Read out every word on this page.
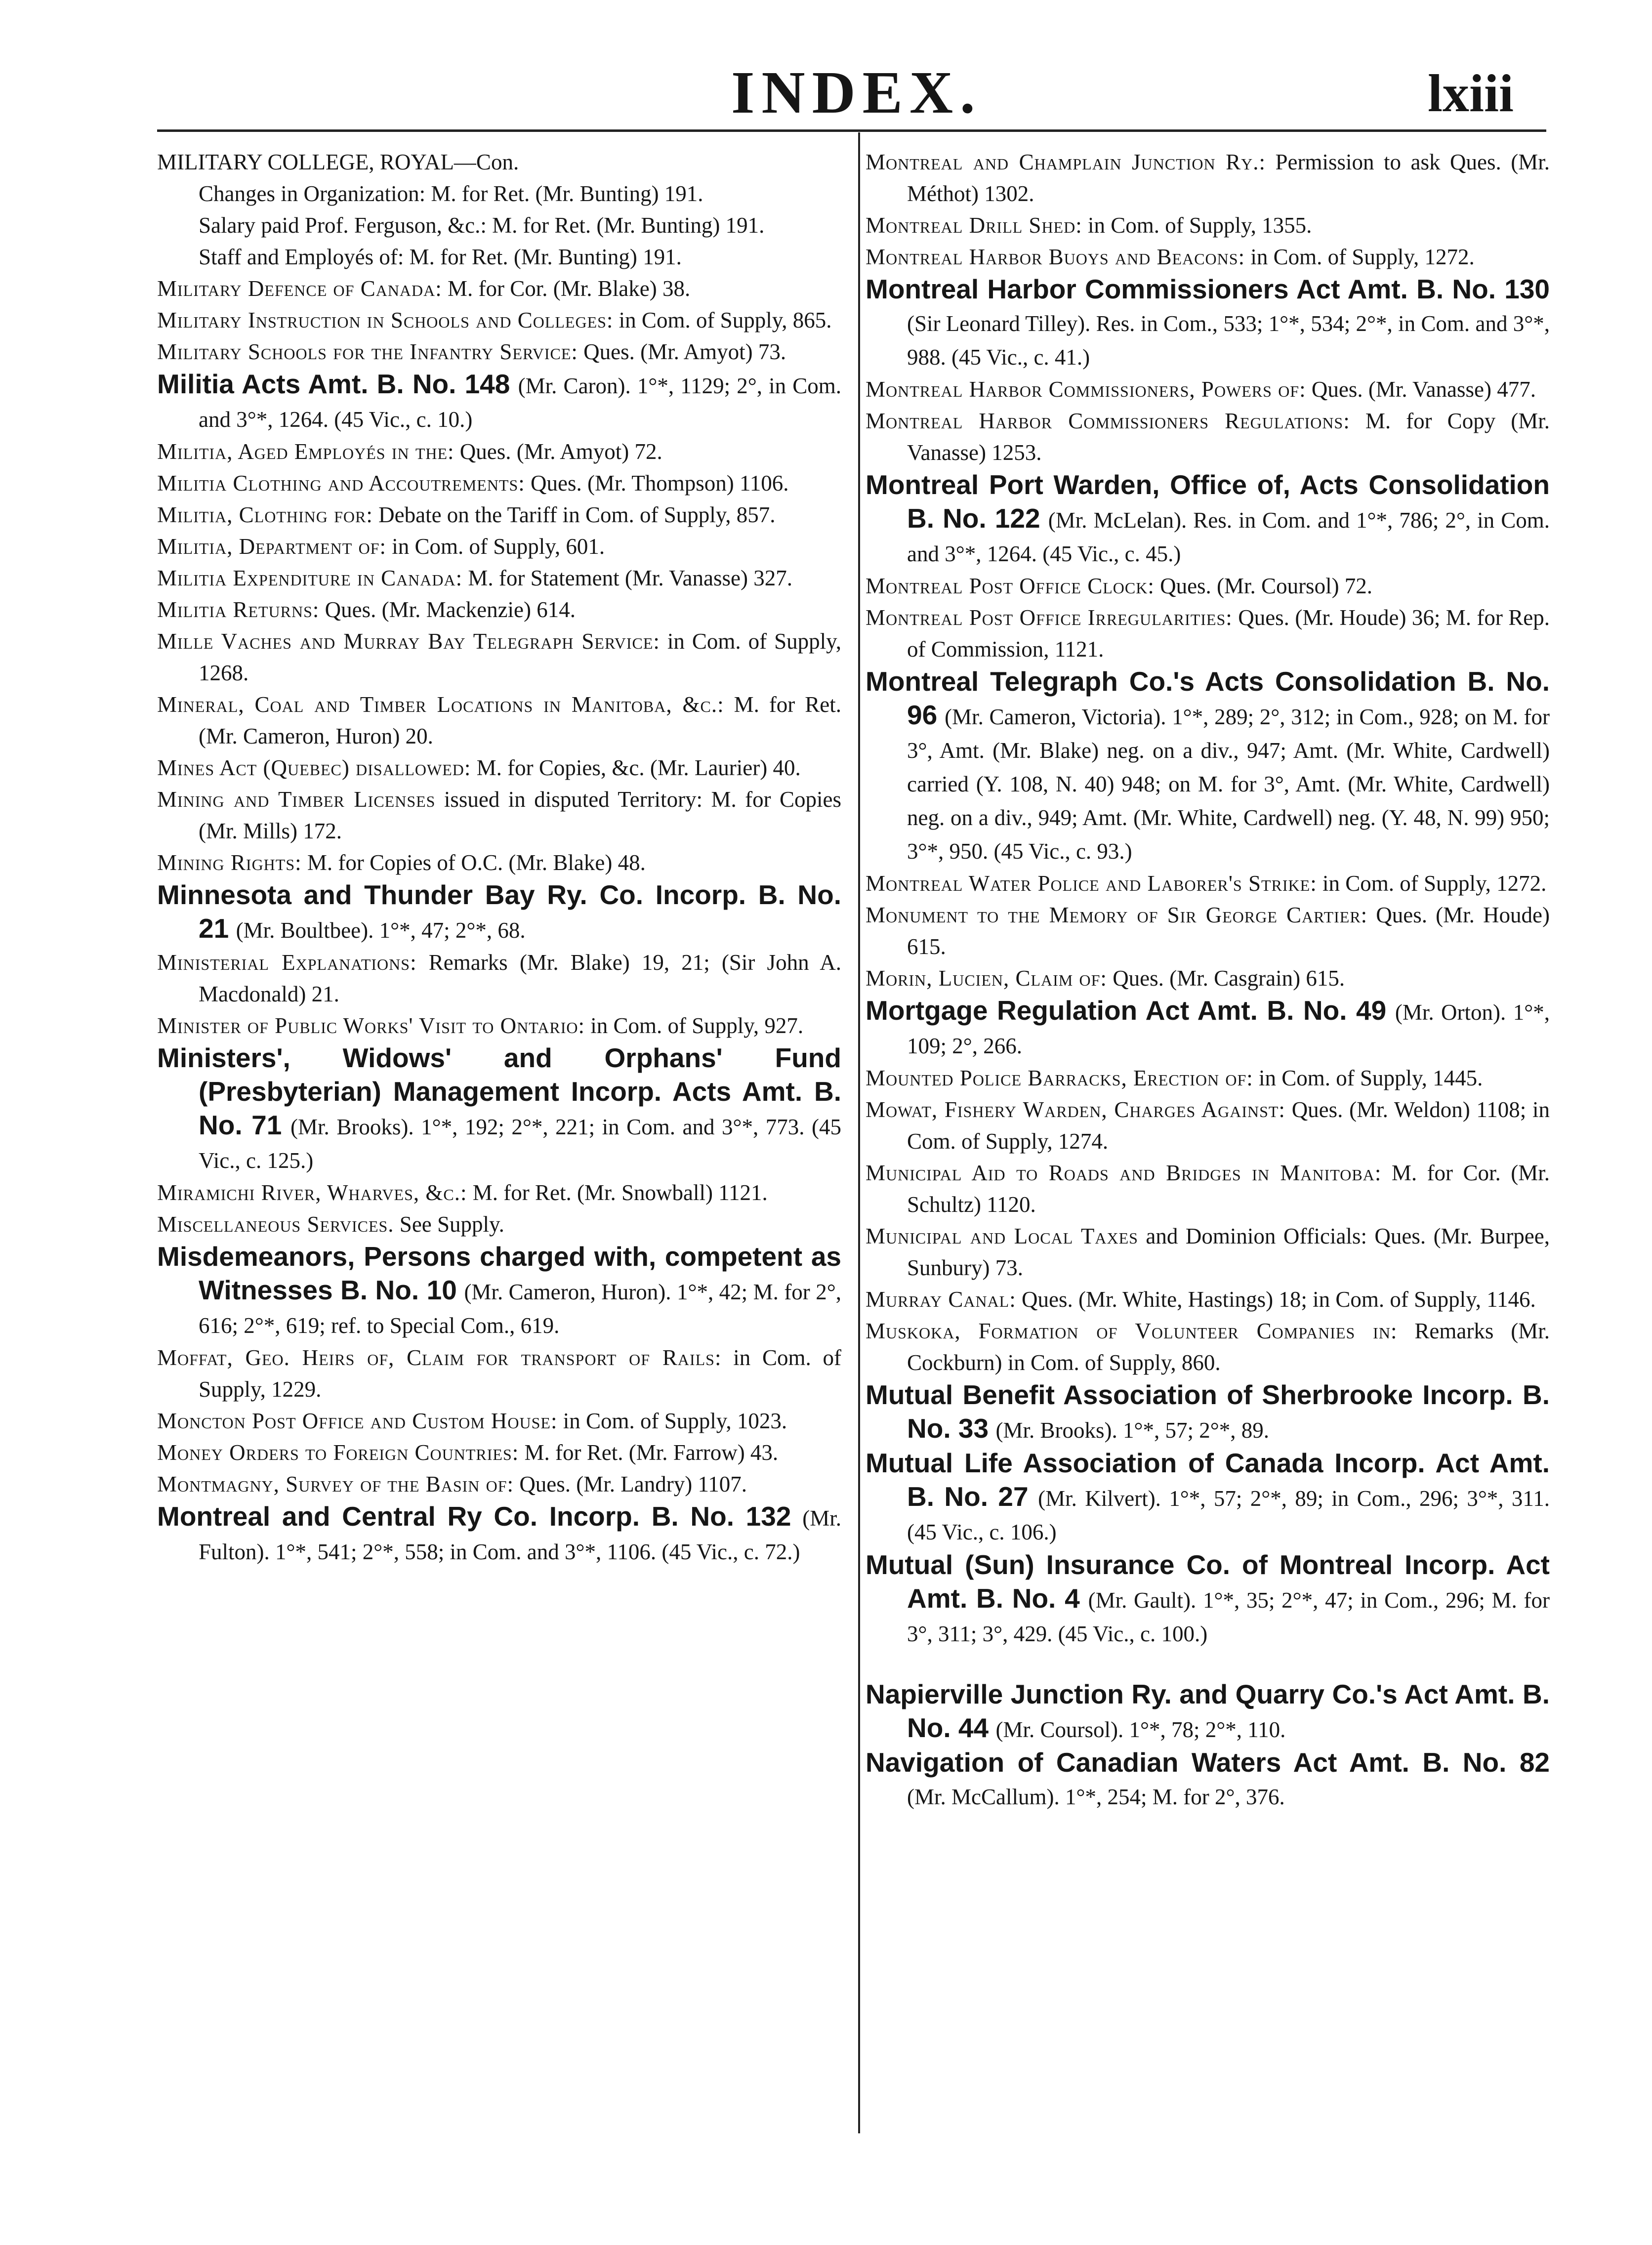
INDEX.	lxiii

MILITARY COLLEGE, ROYAL—Con.

Changes in Organization: M. for Ret. (Mr. Bunting) 191.

Salary paid Prof. Ferguson, &c.: M. for Ret. (Mr. Bunting) 191.

Staff and Employés of: M. for Ret. (Mr. Bunting) 191.

Military Defence of Canada: M. for Cor. (Mr. Blake) 38.

Military Instruction in Schools and Colleges: in Com. of Supply, 865.

Military Schools for the Infantry Service: Ques. (Mr. Amyot) 73.

Militia Acts Amt. B. No. 148 (Mr. Caron). 1°*, 1129; 2°, in Com. and 3°*, 1264. (45 Vic., c. 10.)

Militia, Aged Employés in the: Ques. (Mr. Amyot) 72.

Militia Clothing and Accoutrements: Ques. (Mr. Thompson) 1106.

Militia, Clothing for: Debate on the Tariff in Com. of Supply, 857.

Militia, Department of: in Com. of Supply, 601.

Militia Expenditure in Canada: M. for Statement (Mr. Vanasse) 327.

Militia Returns: Ques. (Mr. Mackenzie) 614.

Mille Vaches and Murray Bay Telegraph Service: in Com. of Supply, 1268.

Mineral, Coal and Timber Locations in Manitoba, &c.: M. for Ret. (Mr. Cameron, Huron) 20.

Mines Act (Quebec) disallowed: M. for Copies, &c. (Mr. Laurier) 40.

Mining and Timber Licenses issued in disputed Territory: M. for Copies (Mr. Mills) 172.

Mining Rights: M. for Copies of O.C. (Mr. Blake) 48.

Minnesota and Thunder Bay Ry. Co. Incorp. B. No. 21 (Mr. Boultbee). 1°*, 47; 2°*, 68.

Ministerial Explanations: Remarks (Mr. Blake) 19, 21; (Sir John A. Macdonald) 21.

Minister of Public Works' Visit to Ontario: in Com. of Supply, 927.

Ministers', Widows' and Orphans' Fund (Presbyterian) Management Incorp. Acts Amt. B. No. 71 (Mr. Brooks). 1°*, 192; 2°*, 221; in Com. and 3°*, 773. (45 Vic., c. 125.)

Miramichi River, Wharves, &c.: M. for Ret. (Mr. Snowball) 1121.

Miscellaneous Services. See Supply.

Misdemeanors, Persons charged with, competent as Witnesses B. No. 10 (Mr. Cameron, Huron). 1°*, 42; M. for 2°, 616; 2°*, 619; ref. to Special Com., 619.

Moffat, Geo. Heirs of, Claim for transport of Rails: in Com. of Supply, 1229.

Moncton Post Office and Custom House: in Com. of Supply, 1023.

Money Orders to Foreign Countries: M. for Ret. (Mr. Farrow) 43.

Montmagny, Survey of the Basin of: Ques. (Mr. Landry) 1107.

Montreal and Central Ry Co. Incorp. B. No. 132 (Mr. Fulton). 1°*, 541; 2°*, 558; in Com. and 3°*, 1106. (45 Vic., c. 72.)

Montreal and Champlain Junction Ry.: Permission to ask Ques. (Mr. Méthot) 1302.

Montreal Drill Shed: in Com. of Supply, 1355.

Montreal Harbor Buoys and Beacons: in Com. of Supply, 1272.

Montreal Harbor Commissioners Act Amt. B. No. 130 (Sir Leonard Tilley). Res. in Com., 533; 1°*, 534; 2°*, in Com. and 3°*, 988. (45 Vic., c. 41.)

Montreal Harbor Commissioners, Powers of: Ques. (Mr. Vanasse) 477.

Montreal Harbor Commissioners Regulations: M. for Copy (Mr. Vanasse) 1253.

Montreal Port Warden, Office of, Acts Consolidation B. No. 122 (Mr. McLelan). Res. in Com. and 1°*, 786; 2°, in Com. and 3°*, 1264. (45 Vic., c. 45.)

Montreal Post Office Clock: Ques. (Mr. Coursol) 72.

Montreal Post Office Irregularities: Ques. (Mr. Houde) 36; M. for Rep. of Commission, 1121.

Montreal Telegraph Co.'s Acts Consolidation B. No. 96 (Mr. Cameron, Victoria). 1°*, 289; 2°, 312; in Com., 928; on M. for 3°, Amt. (Mr. Blake) neg. on a div., 947; Amt. (Mr. White, Cardwell) carried (Y. 108, N. 40) 948; on M. for 3°, Amt. (Mr. White, Cardwell) neg. on a div., 949; Amt. (Mr. White, Cardwell) neg. (Y. 48, N. 99) 950; 3°*, 950. (45 Vic., c. 93.)

Montreal Water Police and Laborer's Strike: in Com. of Supply, 1272.

Monument to the Memory of Sir George Cartier: Ques. (Mr. Houde) 615.

Morin, Lucien, Claim of: Ques. (Mr. Casgrain) 615.

Mortgage Regulation Act Amt. B. No. 49 (Mr. Orton). 1°*, 109; 2°, 266.

Mounted Police Barracks, Erection of: in Com. of Supply, 1445.

Mowat, Fishery Warden, Charges Against: Ques. (Mr. Weldon) 1108; in Com. of Supply, 1274.

Municipal Aid to Roads and Bridges in Manitoba: M. for Cor. (Mr. Schultz) 1120.

Municipal and Local Taxes and Dominion Officials: Ques. (Mr. Burpee, Sunbury) 73.

Murray Canal: Ques. (Mr. White, Hastings) 18; in Com. of Supply, 1146.

Muskoka, Formation of Volunteer Companies in: Remarks (Mr. Cockburn) in Com. of Supply, 860.

Mutual Benefit Association of Sherbrooke Incorp. B. No. 33 (Mr. Brooks). 1°*, 57; 2°*, 89.

Mutual Life Association of Canada Incorp. Act Amt. B. No. 27 (Mr. Kilvert). 1°*, 57; 2°*, 89; in Com., 296; 3°*, 311. (45 Vic., c. 106.)

Mutual (Sun) Insurance Co. of Montreal Incorp. Act Amt. B. No. 4 (Mr. Gault). 1°*, 35; 2°*, 47; in Com., 296; M. for 3°, 311; 3°, 429. (45 Vic., c. 100.)

Napierville Junction Ry. and Quarry Co.'s Act Amt. B. No. 44 (Mr. Coursol). 1°*, 78; 2°*, 110.

Navigation of Canadian Waters Act Amt. B. No. 82 (Mr. McCallum). 1°*, 254; M. for 2°, 376.
